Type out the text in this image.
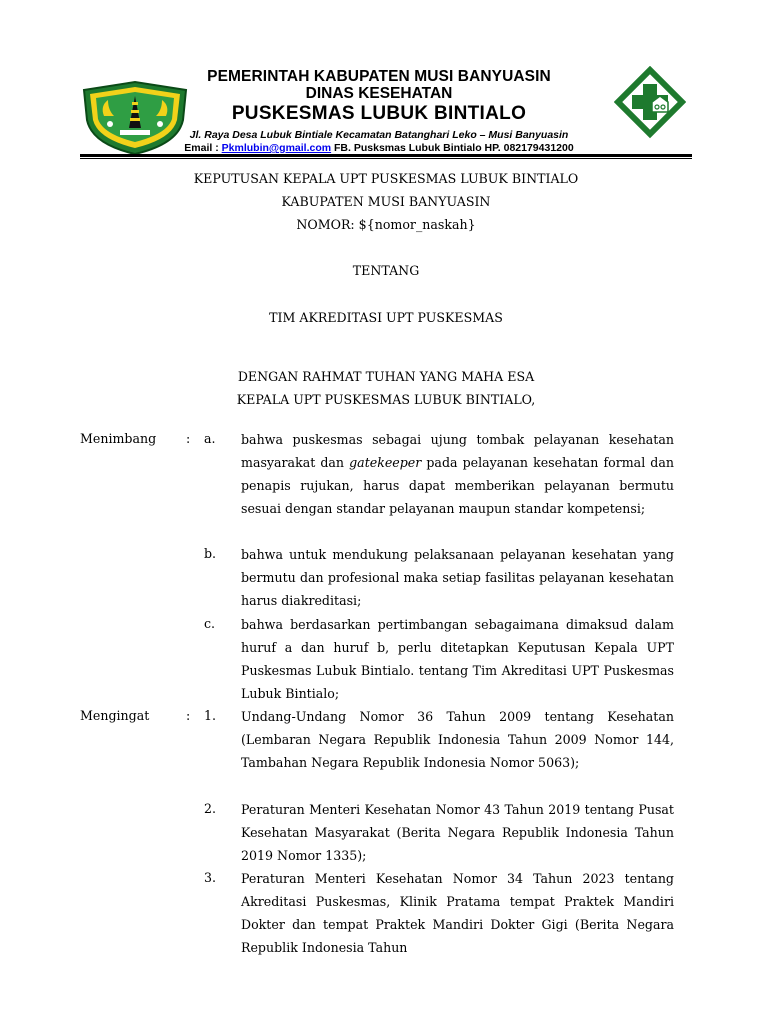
PEMERINTAH KABUPATEN MUSI BANYUASIN
DINAS KESEHATAN
PUSKESMAS LUBUK BINTIALO
Jl. Raya Desa Lubuk Bintiale Kecamatan Batanghari Leko – Musi Banyuasin
Email : Pkmlubin@gmail.com FB. Pusksmas Lubuk Bintialo HP. 082179431200
KEPUTUSAN KEPALA UPT PUSKESMAS LUBUK BINTIALO
KABUPATEN MUSI BANYUASIN
NOMOR: ${nomor_naskah}
TENTANG
TIM AKREDITASI UPT PUSKESMAS
DENGAN RAHMAT TUHAN YANG MAHA ESA
KEPALA UPT PUSKESMAS LUBUK BINTIALO,
Menimbang : a. bahwa puskesmas sebagai ujung tombak pelayanan kesehatan masyarakat dan gatekeeper pada pelayanan kesehatan formal dan penapis rujukan, harus dapat memberikan pelayanan bermutu sesuai dengan standar pelayanan maupun standar kompetensi;
b. bahwa untuk mendukung pelaksanaan pelayanan kesehatan yang bermutu dan profesional maka setiap fasilitas pelayanan kesehatan harus diakreditasi;
c. bahwa berdasarkan pertimbangan sebagaimana dimaksud dalam huruf a dan huruf b, perlu ditetapkan Keputusan Kepala UPT Puskesmas Lubuk Bintialo. tentang Tim Akreditasi UPT Puskesmas Lubuk Bintialo;
Mengingat	: 1. Undang-Undang Nomor 36 Tahun 2009 tentang Kesehatan (Lembaran Negara Republik Indonesia Tahun 2009 Nomor 144, Tambahan Negara Republik Indonesia Nomor 5063);
2. Peraturan Menteri Kesehatan Nomor 43 Tahun 2019 tentang Pusat Kesehatan Masyarakat (Berita Negara Republik Indonesia Tahun 2019 Nomor 1335);
3. Peraturan Menteri Kesehatan Nomor 34 Tahun 2023 tentang Akreditasi Puskesmas, Klinik Pratama tempat Praktek Mandiri Dokter dan tempat Praktek Mandiri Dokter Gigi (Berita Negara Republik Indonesia Tahun
